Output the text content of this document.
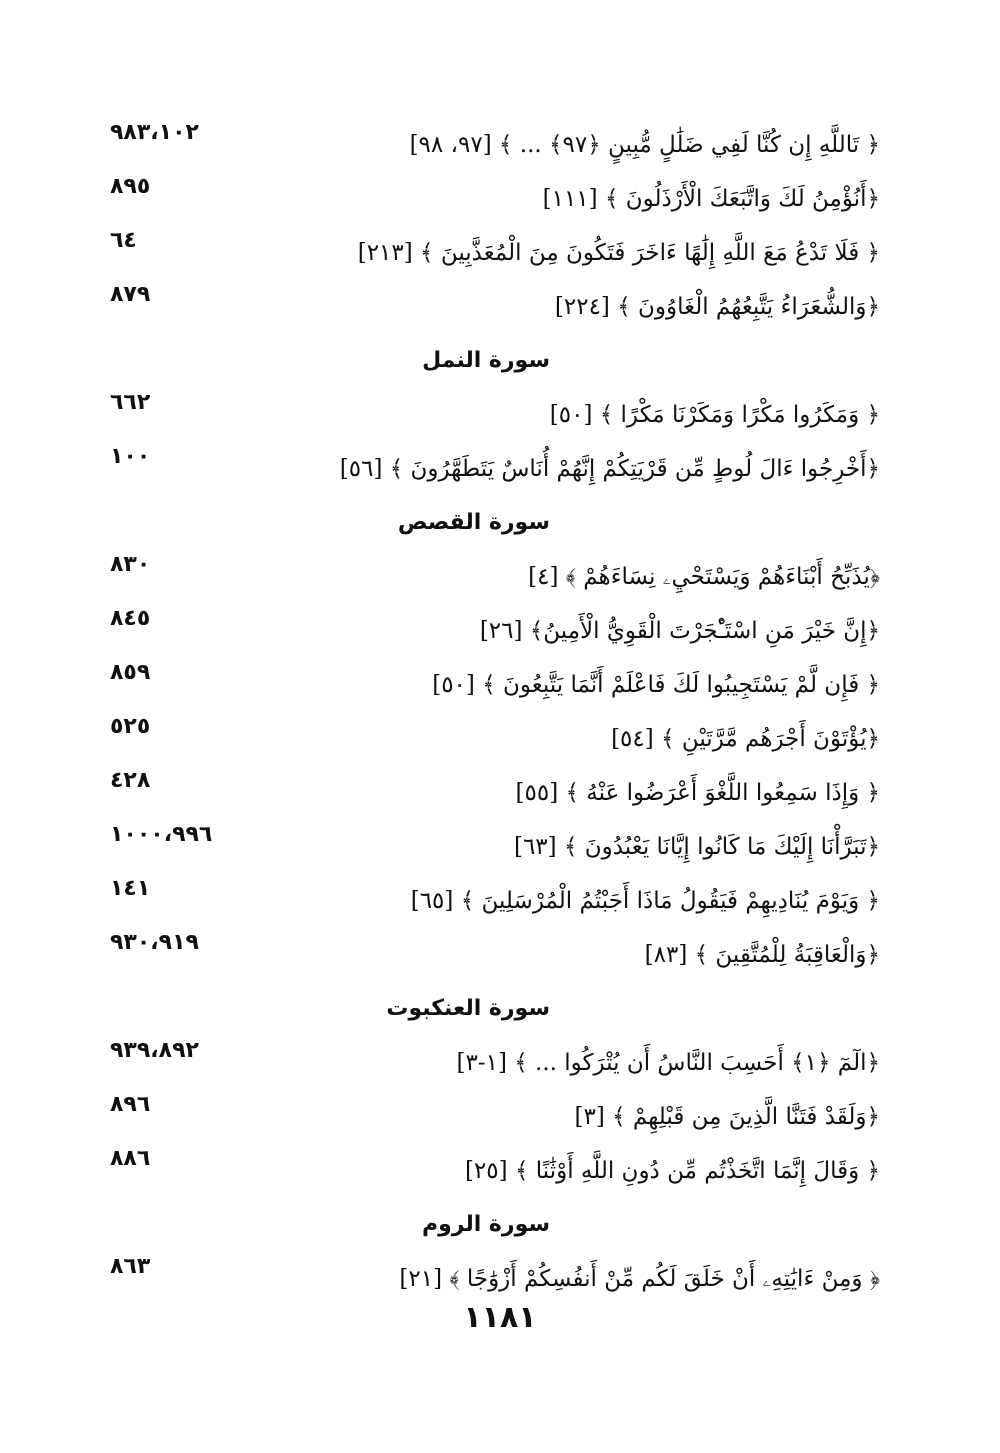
﴿ تَاللَّهِ إِن كُنَّا لَفِي ضَلَٰلٍ مُّبِينٍ ﴿٩٧﴾ ... ﴾ [٩٧، ٩٨]
٩٨٣،١٠٢
﴿أَنُؤْمِنُ لَكَ وَاتَّبَعَكَ الْأَرْذَلُونَ ﴾ [١١١]
٨٩٥
﴿ فَلَا تَدْعُ مَعَ اللَّهِ إِلَٰهًا ءَاخَرَ فَتَكُونَ مِنَ الْمُعَذَّبِينَ ﴾ [٢١٣]
٦٤
﴿وَالشُّعَرَاءُ يَتَّبِعُهُمُ الْغَاوُونَ ﴾ [٢٢٤]
٨٧٩
سورة النمل
﴿ وَمَكَرُوا مَكْرًا وَمَكَرْنَا مَكْرًا ﴾ [٥٠]
٦٦٢
﴿أَخْرِجُوا ءَالَ لُوطٍ مِّن قَرْيَتِكُمْ إِنَّهُمْ أُنَاسٌ يَتَطَهَّرُونَ ﴾ [٥٦]
١٠٠
سورة القصص
﴿يُذَبِّحُ أَبْنَاءَهُمْ وَيَسْتَحْيِۦ نِسَاءَهُمْ ﴾ [٤]
٨٣٠
﴿إِنَّ خَيْرَ مَنِ اسْتَـْٔجَرْتَ الْقَوِيُّ الْأَمِينُ﴾ [٢٦]
٨٤٥
﴿ فَإِن لَّمْ يَسْتَجِيبُوا لَكَ فَاعْلَمْ أَنَّمَا يَتَّبِعُونَ ﴾ [٥٠]
٨٥٩
﴿يُؤْتَوْنَ أَجْرَهُم مَّرَّتَيْنِ ﴾ [٥٤]
٥٢٥
﴿ وَإِذَا سَمِعُوا اللَّغْوَ أَعْرَضُوا عَنْهُ ﴾ [٥٥]
٤٢٨
﴿تَبَرَّأْنَا إِلَيْكَ مَا كَانُوا إِيَّانَا يَعْبُدُونَ ﴾ [٦٣]
١٠٠٠،٩٩٦
﴿ وَيَوْمَ يُنَادِيهِمْ فَيَقُولُ مَاذَا أَجَبْتُمُ الْمُرْسَلِينَ ﴾ [٦٥]
١٤١
﴿وَالْعَاقِبَةُ لِلْمُتَّقِينَ ﴾ [٨٣]
٩٣٠،٩١٩
سورة العنكبوت
﴿الٓمٓ ﴿١﴾ أَحَسِبَ النَّاسُ أَن يُتْرَكُوا ... ﴾ [١-٣]
٩٣٩،٨٩٢
﴿وَلَقَدْ فَتَنَّا الَّذِينَ مِن قَبْلِهِمْ ﴾ [٣]
٨٩٦
﴿ وَقَالَ إِنَّمَا اتَّخَذْتُم مِّن دُونِ اللَّهِ أَوْثَٰنًا ﴾ [٢٥]
٨٨٦
سورة الروم
﴿ وَمِنْ ءَايَٰتِهِۦ أَنْ خَلَقَ لَكُم مِّنْ أَنفُسِكُمْ أَزْوَٰجًا ﴾ [٢١]
٨٦٣
١١٨١
